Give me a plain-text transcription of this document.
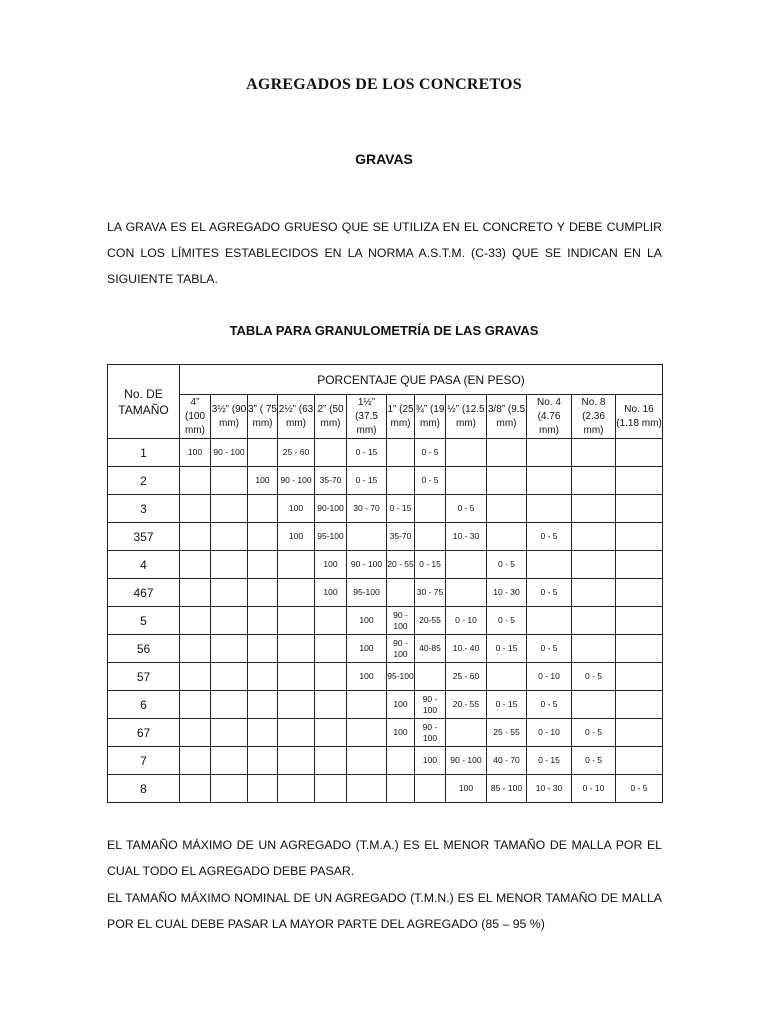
AGREGADOS DE LOS CONCRETOS
GRAVAS
LA GRAVA ES EL AGREGADO GRUESO QUE SE UTILIZA EN EL CONCRETO Y DEBE CUMPLIR CON LOS LÍMITES ESTABLECIDOS EN LA NORMA A.S.T.M. (C-33) QUE SE INDICAN EN LA SIGUIENTE TABLA.
TABLA PARA GRANULOMETRÍA DE LAS GRAVAS
No. DE TAMAÑO	PORCENTAJE QUE PASA (EN PESO)												
	4” (100 mm)	3½” (90 mm)	3” ( 75 mm)	2½” (63 mm)	2” (50 mm)	1½” (37.5 mm)	1” (25 mm)	¾” (19 mm)	½” (12.5 mm)	3/8” (9.5 mm)	No. 4 (4.76 mm)	No. 8 (2.36 mm)	No. 16 (1.18 mm)
1	100	90 - 100		25 - 60		0 - 15		0 - 5					
2			100	90 - 100	35-70	0 - 15		0 - 5					
3				100	90-100	30 - 70	0 - 15		0 - 5				
357				100	95-100		35-70		10 - 30		0 - 5		
4					100	90 - 100	20 - 55	0 - 15		0 - 5			
467					100	95-100		30 - 75		10 - 30	0 - 5		
5						100	90 - 100	20-55	0 - 10	0 - 5			
56						100	90 - 100	40-85	10 - 40	0 - 15	0 - 5		
57						100	95-100		25 - 60		0 - 10	0 - 5	
6							100	90 - 100	20 - 55	0 - 15	0 - 5		
67							100	90 - 100		25 - 55	0 - 10	0 - 5	
7								100	90 - 100	40 - 70	0 - 15	0 - 5	
8									100	85 - 100	10 - 30	0 - 10	0 - 5
EL TAMAÑO MÁXIMO DE UN AGREGADO (T.M.A.) ES EL MENOR TAMAÑO DE MALLA POR EL CUAL TODO EL AGREGADO DEBE PASAR.
EL TAMAÑO MÁXIMO NOMINAL DE UN AGREGADO (T.M.N.) ES EL MENOR TAMAÑO DE MALLA POR EL CUAL DEBE PASAR LA MAYOR PARTE DEL AGREGADO (85 – 95 %)
